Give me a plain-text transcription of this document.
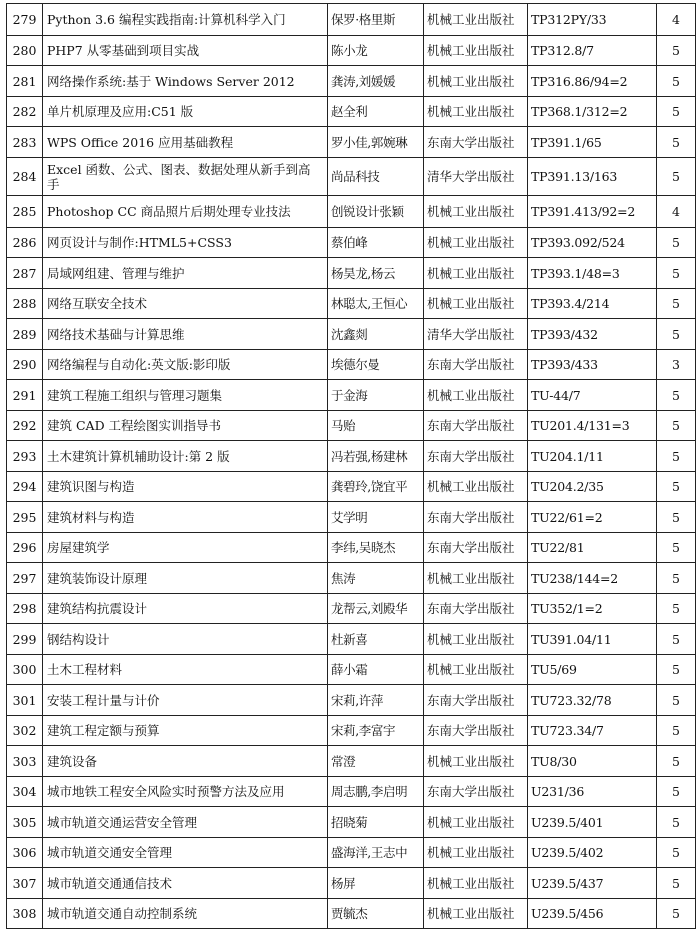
279	Python 3.6 编程实践指南:计算机科学入门	保罗·格里斯	机械工业出版社	TP312PY/33	4
280	PHP7 从零基础到项目实战	陈小龙	机械工业出版社	TP312.8/7	5
281	网络操作系统:基于 Windows Server 2012	龚涛,刘媛媛	机械工业出版社	TP316.86/94=2	5
282	单片机原理及应用:C51 版	赵全利	机械工业出版社	TP368.1/312=2	5
283	WPS Office 2016 应用基础教程	罗小佳,郭婉琳	东南大学出版社	TP391.1/65	5
284	Excel 函数、公式、图表、数据处理从新手到高手	尚品科技	清华大学出版社	TP391.13/163	5
285	Photoshop CC 商品照片后期处理专业技法	创锐设计张颖	机械工业出版社	TP391.413/92=2	4
286	网页设计与制作:HTML5+CSS3	蔡伯峰	机械工业出版社	TP393.092/524	5
287	局域网组建、管理与维护	杨昊龙,杨云	机械工业出版社	TP393.1/48=3	5
288	网络互联安全技术	林聪太,王恒心	机械工业出版社	TP393.4/214	5
289	网络技术基础与计算思维	沈鑫剡	清华大学出版社	TP393/432	5
290	网络编程与自动化:英文版:影印版	埃德尔曼	东南大学出版社	TP393/433	3
291	建筑工程施工组织与管理习题集	于金海	机械工业出版社	TU-44/7	5
292	建筑 CAD 工程绘图实训指导书	马贻	东南大学出版社	TU201.4/131=3	5
293	土木建筑计算机辅助设计:第 2 版	冯若强,杨建林	东南大学出版社	TU204.1/11	5
294	建筑识图与构造	龚碧玲,饶宜平	机械工业出版社	TU204.2/35	5
295	建筑材料与构造	艾学明	东南大学出版社	TU22/61=2	5
296	房屋建筑学	李纬,吴晓杰	东南大学出版社	TU22/81	5
297	建筑装饰设计原理	焦涛	机械工业出版社	TU238/144=2	5
298	建筑结构抗震设计	龙帮云,刘殿华	东南大学出版社	TU352/1=2	5
299	钢结构设计	杜新喜	机械工业出版社	TU391.04/11	5
300	土木工程材料	薛小霜	机械工业出版社	TU5/69	5
301	安装工程计量与计价	宋莉,许萍	东南大学出版社	TU723.32/78	5
302	建筑工程定额与预算	宋莉,李富宇	东南大学出版社	TU723.34/7	5
303	建筑设备	常澄	机械工业出版社	TU8/30	5
304	城市地铁工程安全风险实时预警方法及应用	周志鹏,李启明	东南大学出版社	U231/36	5
305	城市轨道交通运营安全管理	招晓菊	机械工业出版社	U239.5/401	5
306	城市轨道交通安全管理	盛海洋,王志中	机械工业出版社	U239.5/402	5
307	城市轨道交通通信技术	杨屏	机械工业出版社	U239.5/437	5
308	城市轨道交通自动控制系统	贾毓杰	机械工业出版社	U239.5/456	5
